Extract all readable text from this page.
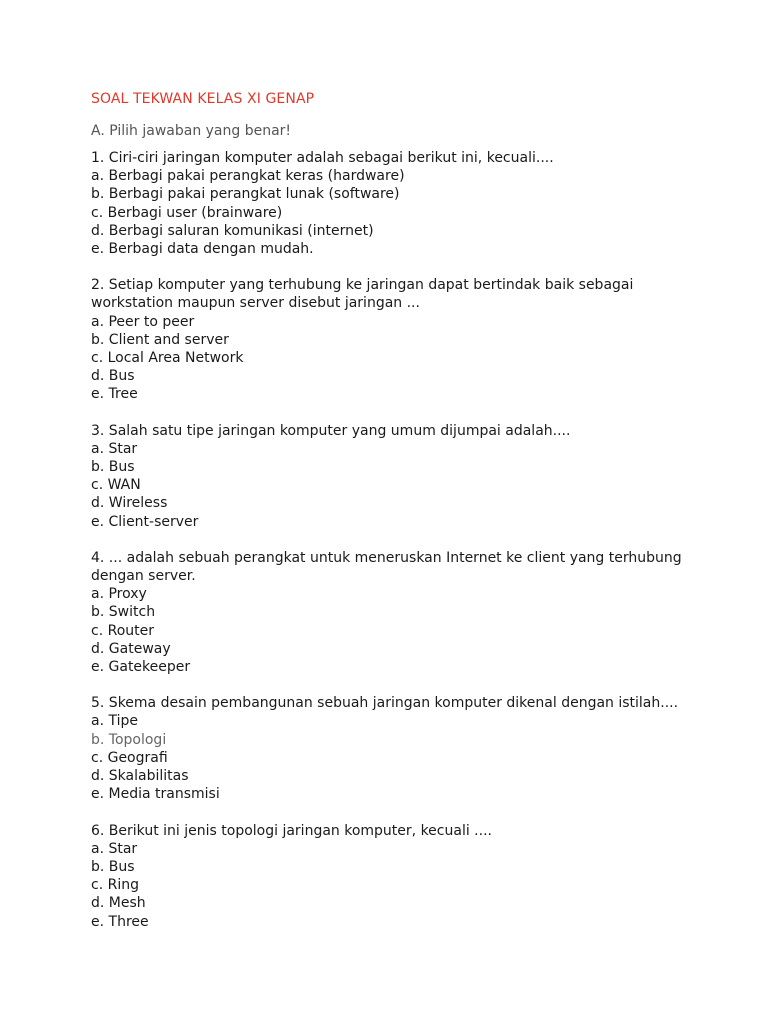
SOAL TEKWAN KELAS XI GENAP
A. Pilih jawaban yang benar!
1. Ciri-ciri jaringan komputer adalah sebagai berikut ini, kecuali....
a. Berbagi pakai perangkat keras (hardware)
b. Berbagi pakai perangkat lunak (software)
c. Berbagi user (brainware)
d. Berbagi saluran komunikasi (internet)
e. Berbagi data dengan mudah.
2. Setiap komputer yang terhubung ke jaringan dapat bertindak baik sebagai workstation maupun server disebut jaringan ...
a. Peer to peer
b. Client and server
c. Local Area Network
d. Bus
e. Tree
3. Salah satu tipe jaringan komputer yang umum dijumpai adalah....
a. Star
b. Bus
c. WAN
d. Wireless
e. Client-server
4. ... adalah sebuah perangkat untuk meneruskan Internet ke client yang terhubung dengan server.
a. Proxy
b. Switch
c. Router
d. Gateway
e. Gatekeeper
5. Skema desain pembangunan sebuah jaringan komputer dikenal dengan istilah....
a. Tipe
b. Topologi
c. Geografi
d. Skalabilitas
e. Media transmisi
6. Berikut ini jenis topologi jaringan komputer, kecuali ....
a. Star
b. Bus
c. Ring
d. Mesh
e. Three
